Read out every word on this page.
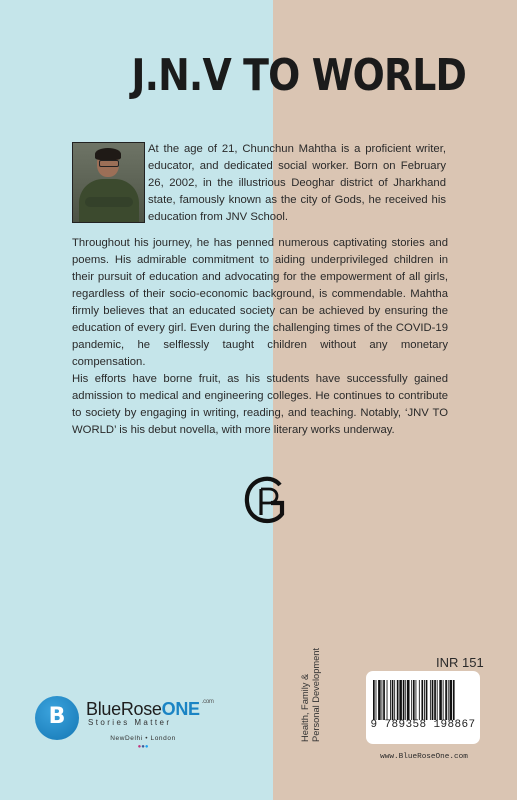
J.N.V TO WORLD

At the age of 21, Chunchun Mahtha is a proficient writer, educator, and dedicated social worker. Born on February 26, 2002, in the illustrious Deoghar district of Jharkhand state, famously known as the city of Gods, he received his education from JNV School.

Throughout his journey, he has penned numerous captivating stories and poems. His admirable commitment to aiding underprivileged children in their pursuit of education and advocating for the empowerment of all girls, regardless of their socio-economic background, is commendable. Mahtha firmly believes that an educated society can be achieved by ensuring the education of every girl. Even during the challenging times of the COVID-19 pandemic, he selflessly taught children without any monetary compensation.

His efforts have borne fruit, as his students have successfully gained admission to medical and engineering colleges. He continues to contribute to society by engaging in writing, reading, and teaching. Notably, ‘JNV TO WORLD’ is his debut novella, with more literary works underway.

INR 151
Health, Family & Personal Development	9 789358 198867
www.BlueRoseOne.com
B	BlueRoseONE $^{.com}$
Stories Matter
NewDelhi • London
●●●
